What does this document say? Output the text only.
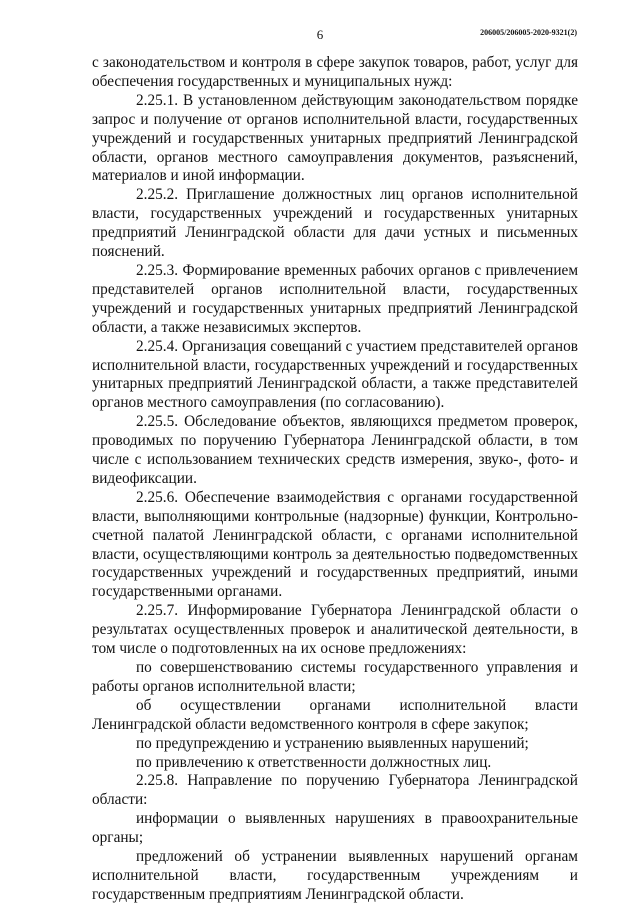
6	206005/206005-2020-9321(2)

с законодательством и контроля в сфере закупок товаров, работ, услуг для обеспечения государственных и муниципальных нужд:

2.25.1. В установленном действующим законодательством порядке запрос и получение от органов исполнительной власти, государственных учреждений и государственных унитарных предприятий Ленинградской области, органов местного самоуправления документов, разъяснений, материалов и иной информации.

2.25.2. Приглашение должностных лиц органов исполнительной власти, государственных учреждений и государственных унитарных предприятий Ленинградской области для дачи устных и письменных пояснений.

2.25.3. Формирование временных рабочих органов с привлечением представителей органов исполнительной власти, государственных учреждений и государственных унитарных предприятий Ленинградской области, а также независимых экспертов.

2.25.4. Организация совещаний с участием представителей органов исполнительной власти, государственных учреждений и государственных унитарных предприятий Ленинградской области, а также представителей органов местного самоуправления (по согласованию).

2.25.5. Обследование объектов, являющихся предметом проверок, проводимых по поручению Губернатора Ленинградской области, в том числе с использованием технических средств измерения, звуко-, фото- и видеофиксации.

2.25.6. Обеспечение взаимодействия с органами государственной власти, выполняющими контрольные (надзорные) функции, Контрольно-счетной палатой Ленинградской области, с органами исполнительной власти, осуществляющими контроль за деятельностью подведомственных государственных учреждений и государственных предприятий, иными государственными органами.

2.25.7. Информирование Губернатора Ленинградской области о результатах осуществленных проверок и аналитической деятельности, в том числе о подготовленных на их основе предложениях:

по совершенствованию системы государственного управления и работы органов исполнительной власти;

об осуществлении органами исполнительной власти Ленинградской области ведомственного контроля в сфере закупок;

по предупреждению и устранению выявленных нарушений;

по привлечению к ответственности должностных лиц.

2.25.8. Направление по поручению Губернатора Ленинградской области:

информации о выявленных нарушениях в правоохранительные органы;

предложений об устранении выявленных нарушений органам исполнительной власти, государственным учреждениям и государственным предприятиям Ленинградской области.
